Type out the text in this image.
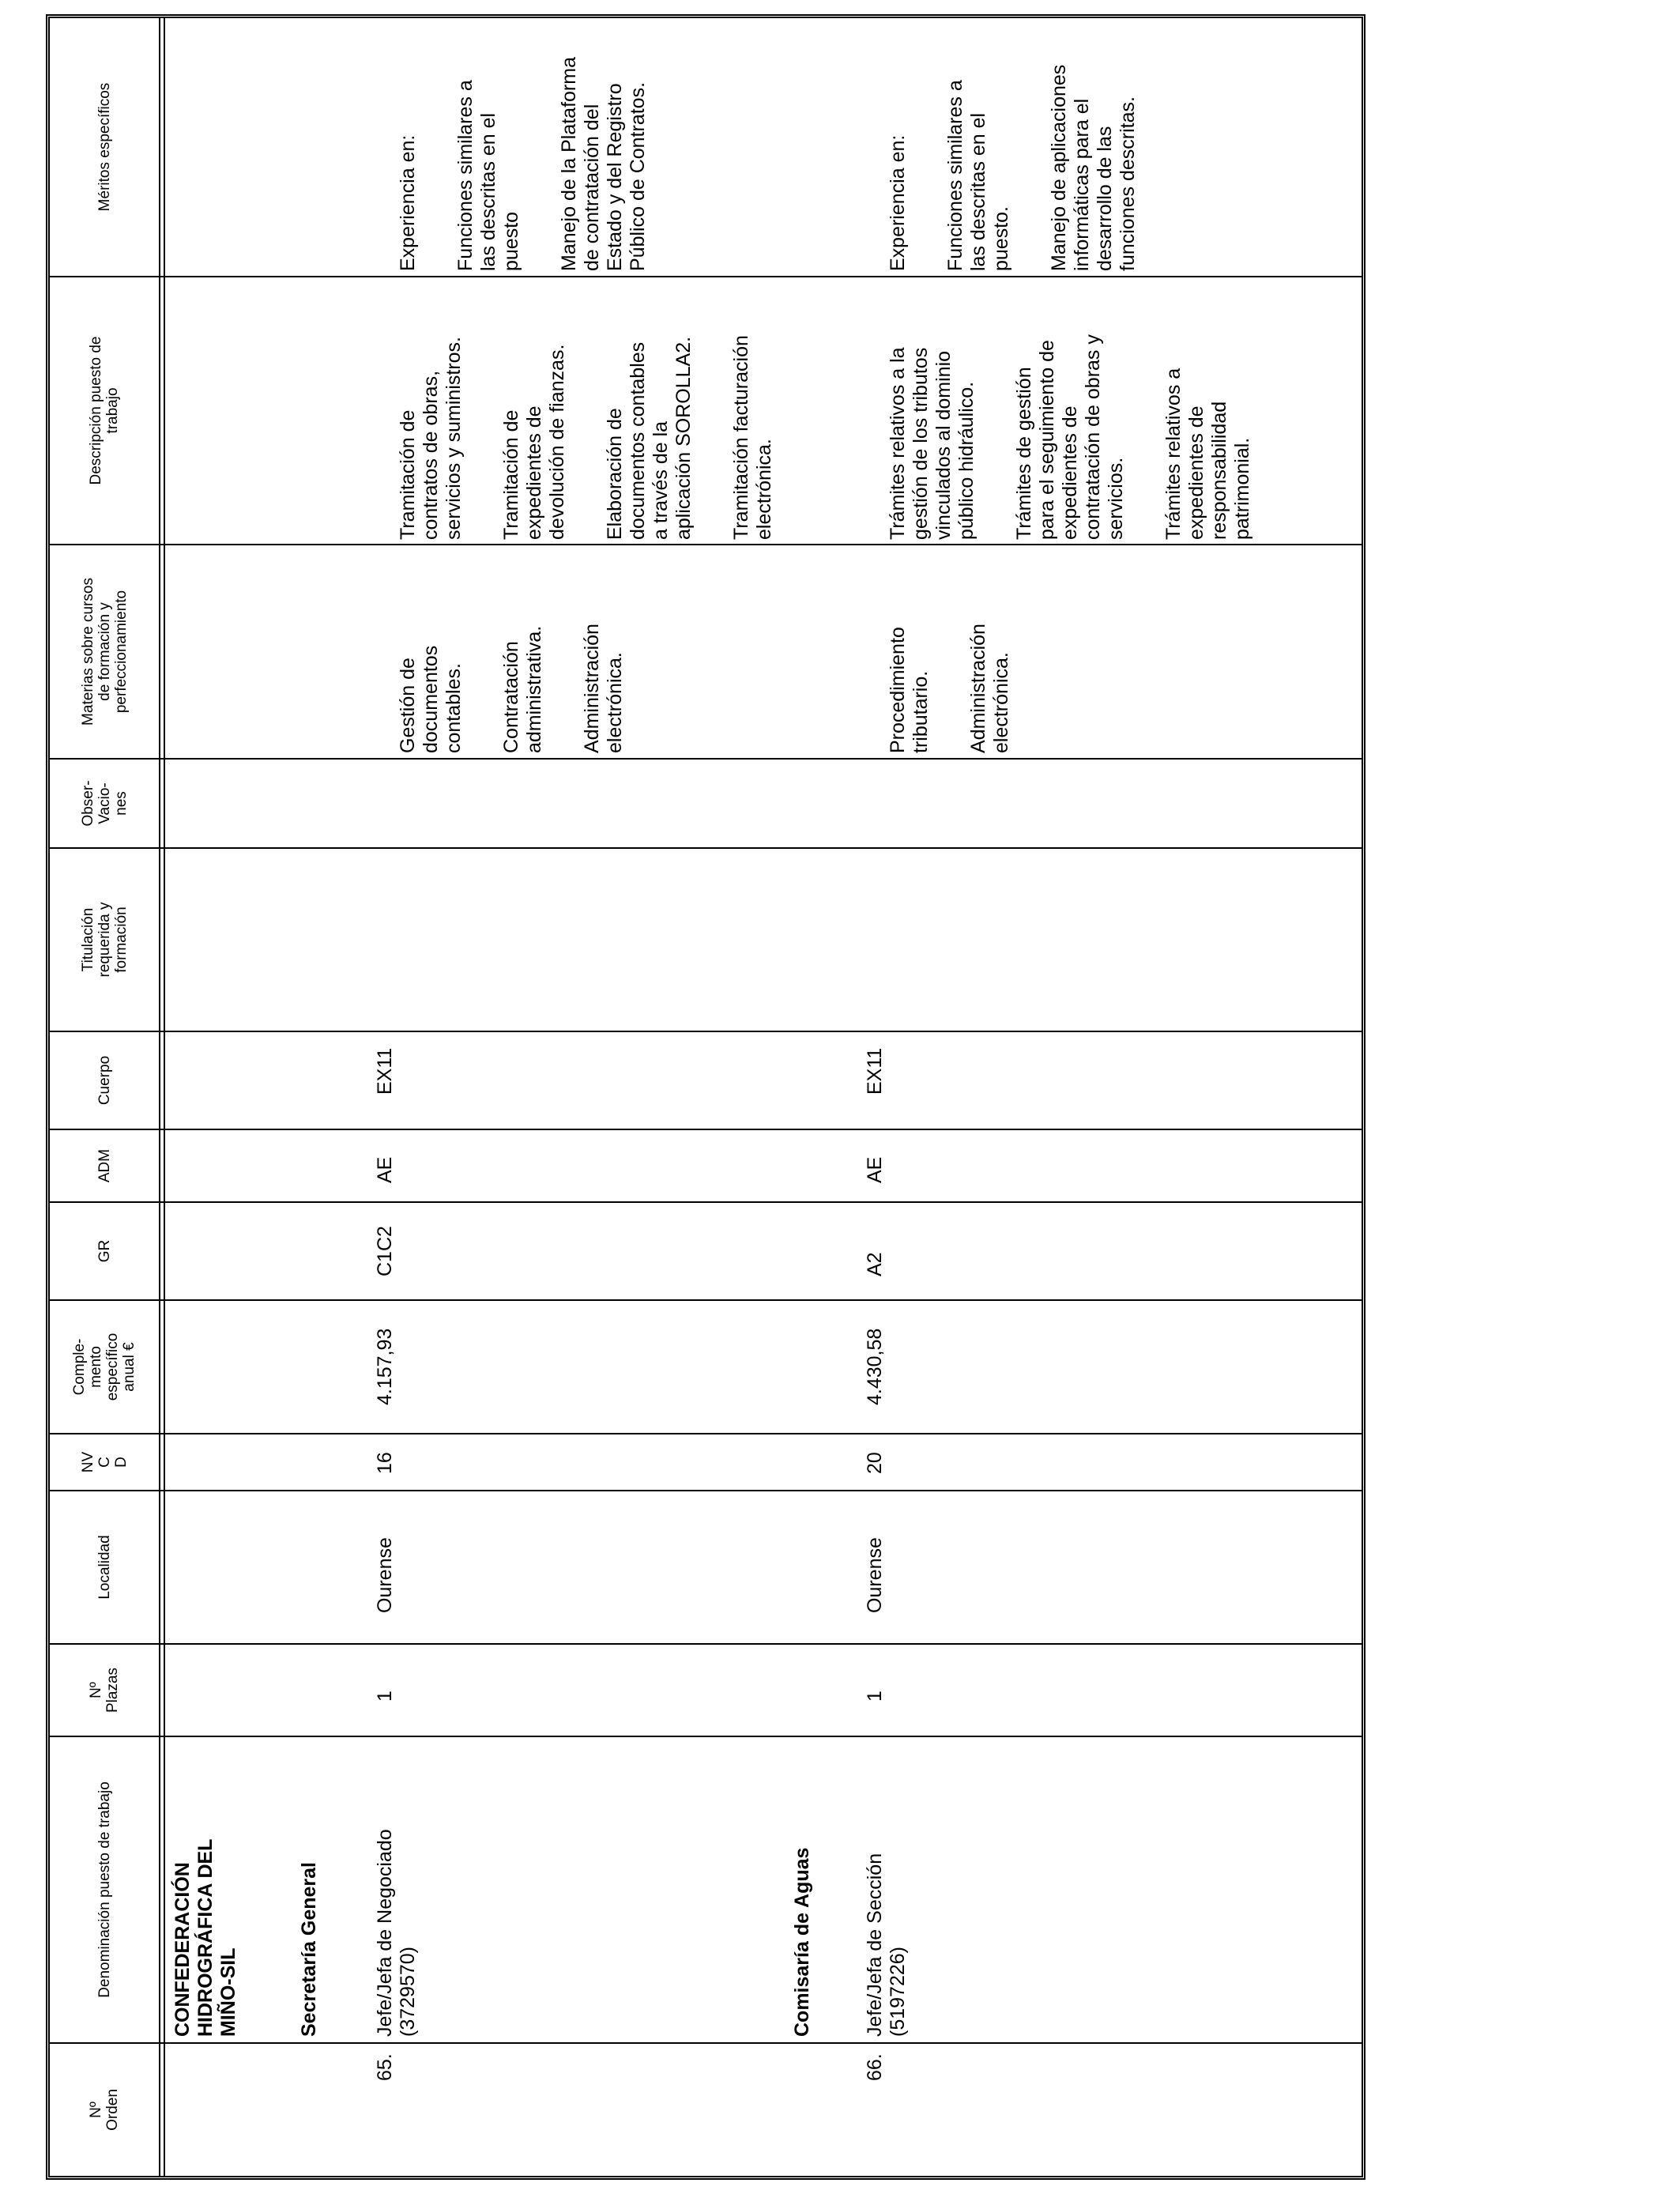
Nº
Orden
Denominación puesto de trabajo
Nº
Plazas
Localidad
NV
C
D
Comple-
mento
específico
anual €
GR
ADM
Cuerpo
Titulación
requerida y
formación
Obser-
Vacio-
nes
Materias sobre cursos
de formación y
perfeccionamiento
Descripción puesto de
trabajo
Méritos específicos
CONFEDERACIÓN
HIDROGRÁFICA DEL
MIÑO-SIL	Secretaría General
65.
Jefe/Jefa de Negociado
(3729570)
1
Ourense
16
4.157,93
C1C2
AE
EX11

Gestión de
documentos
contables. Contratación
administrativa. Administración
electrónica.

Tramitación de
contratos de obras,
servicios y suministros.

Tramitación de
expedientes de
devolución de fianzas.

Elaboración de
documentos contables
a través de la
aplicación SOROLLA2.

Tramitación facturación
electrónica.

Experiencia en: Funciones similares a
las descritas en el
puesto Manejo de la Plataforma
de contratación del
Estado y del Registro
Público de Contratos.

Comisaría de Aguas
66.
Jefe/Jefa de Sección
(5197226)
1
Ourense
20
4.430,58
A2
AE
EX11

Procedimiento
tributario. Administración
electrónica.

Trámites relativos a la
gestión de los tributos
vinculados al dominio
público hidráulico.

Trámites de gestión
para el seguimiento de
expedientes de
contratación de obras y
servicios. Trámites relativos a
expedientes de
responsabilidad
patrimonial.

Experiencia en: Funciones similares a
las descritas en el
puesto. Manejo de aplicaciones
informáticas para el
desarrollo de las
funciones descritas.
